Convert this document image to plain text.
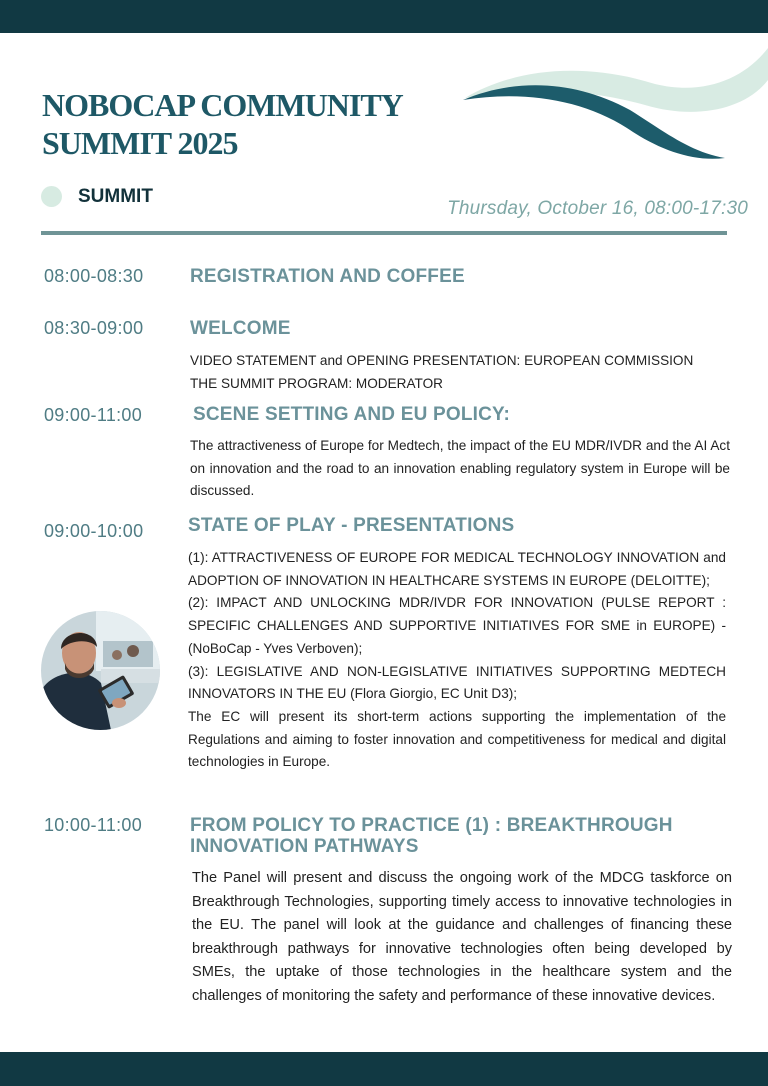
NOBOCAP COMMUNITY
SUMMIT 2025
SUMMIT
Thursday, October 16, 08:00-17:30
08:00-08:30 REGISTRATION AND COFFEE
08:30-09:00 WELCOME

VIDEO STATEMENT and OPENING PRESENTATION: EUROPEAN COMMISSION

THE SUMMIT PROGRAM: MODERATOR

09:00-11:00	SCENE SETTING AND EU POLICY:

The attractiveness of Europe for Medtech, the impact of the EU MDR/IVDR and the AI Act on innovation and the road to an innovation enabling regulatory system in Europe will be discussed.

09:00-10:00 STATE OF PLAY - PRESENTATIONS

(1): ATTRACTIVENESS OF EUROPE FOR MEDICAL TECHNOLOGY INNOVATION and ADOPTION OF INNOVATION IN HEALTHCARE SYSTEMS IN EUROPE (DELOITTE);

(2): IMPACT AND UNLOCKING MDR/IVDR FOR INNOVATION (PULSE REPORT : SPECIFIC CHALLENGES AND SUPPORTIVE INITIATIVES FOR SME in EUROPE) - (NoBoCap - Yves Verboven);

(3): LEGISLATIVE AND NON-LEGISLATIVE INITIATIVES SUPPORTING MEDTECH INNOVATORS IN THE EU (Flora Giorgio, EC Unit D3);

The EC will present its short-term actions supporting the implementation of the Regulations and aiming to foster innovation and competitiveness for medical and digital technologies in Europe.

10:00-11:00	FROM POLICY TO PRACTICE (1) : BREAKTHROUGH
INNOVATION PATHWAYS

The Panel will present and discuss the ongoing work of the MDCG taskforce on Breakthrough Technologies, supporting timely access to innovative technologies in the EU. The panel will look at the guidance and challenges of financing these breakthrough pathways for innovative technologies often being developed by SMEs, the uptake of those technologies in the healthcare system and the challenges of monitoring the safety and performance of these innovative devices.
